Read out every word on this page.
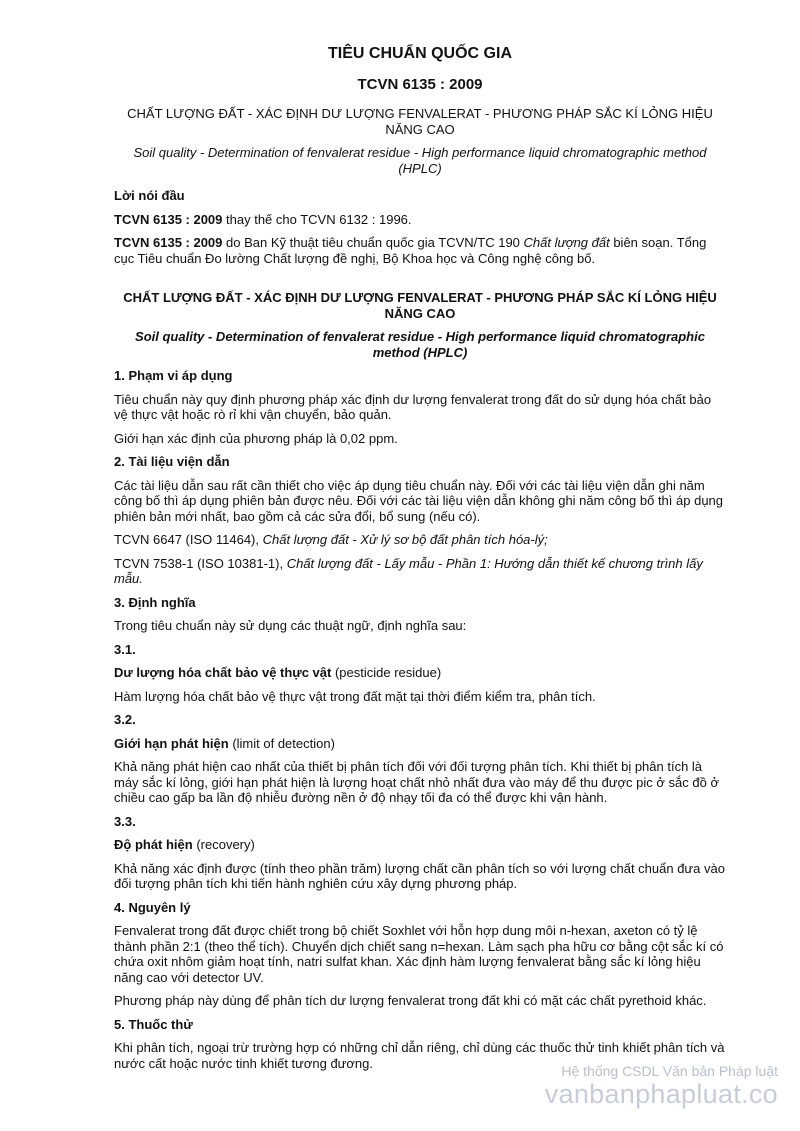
TIÊU CHUẨN QUỐC GIA

TCVN 6135 : 2009

CHẤT LƯỢNG ĐẤT - XÁC ĐỊNH DƯ LƯỢNG FENVALERAT - PHƯƠNG PHÁP SẮC KÍ LỎNG HIỆU NĂNG CAO

Soil quality - Determination of fenvalerat residue - High performance liquid chromatographic method (HPLC)

Lời nói đầu

TCVN 6135 : 2009 thay thế cho TCVN 6132 : 1996.

TCVN 6135 : 2009 do Ban Kỹ thuật tiêu chuẩn quốc gia TCVN/TC 190 Chất lượng đất biên soạn. Tổng cục Tiêu chuẩn Đo lường Chất lượng đề nghị, Bộ Khoa học và Công nghệ công bố.

CHẤT LƯỢNG ĐẤT - XÁC ĐỊNH DƯ LƯỢNG FENVALERAT - PHƯƠNG PHÁP SẮC KÍ LỎNG HIỆU NĂNG CAO

Soil quality - Determination of fenvalerat residue - High performance liquid chromatographic method (HPLC)

1. Phạm vi áp dụng

Tiêu chuẩn này quy định phương pháp xác định dư lượng fenvalerat trong đất do sử dụng hóa chất bảo vệ thực vật hoặc rò rỉ khi vận chuyển, bảo quản.

Giới hạn xác định của phương pháp là 0,02 ppm.

2. Tài liệu viện dẫn

Các tài liệu dẫn sau rất cần thiết cho việc áp dụng tiêu chuẩn này. Đối với các tài liệu viện dẫn ghi năm công bố thì áp dụng phiên bản được nêu. Đối với các tài liệu viện dẫn không ghi năm công bố thì áp dụng phiên bản mới nhất, bao gồm cả các sửa đổi, bổ sung (nếu có).

TCVN 6647 (ISO 11464), Chất lượng đất - Xử lý sơ bộ đất phân tích hóa-lý;

TCVN 7538-1 (ISO 10381-1), Chất lượng đất - Lấy mẫu - Phần 1: Hướng dẫn thiết kế chương trình lấy mẫu.

3. Định nghĩa

Trong tiêu chuẩn này sử dụng các thuật ngữ, định nghĩa sau:

3.1.

Dư lượng hóa chất bảo vệ thực vật (pesticide residue)

Hàm lượng hóa chất bảo vệ thực vật trong đất mặt tại thời điểm kiểm tra, phân tích.

3.2.

Giới hạn phát hiện (limit of detection)

Khả năng phát hiện cao nhất của thiết bị phân tích đối với đối tượng phân tích. Khi thiết bị phân tích là máy sắc kí lỏng, giới hạn phát hiện là lượng hoạt chất nhỏ nhất đưa vào máy để thu được pic ở sắc đồ ở chiều cao gấp ba lần độ nhiễu đường nền ở độ nhạy tối đa có thể được khi vận hành.

3.3.

Độ phát hiện (recovery)

Khả năng xác định được (tính theo phần trăm) lượng chất cần phân tích so với lượng chất chuẩn đưa vào đối tượng phân tích khi tiến hành nghiên cứu xây dựng phương pháp.

4. Nguyên lý

Fenvalerat trong đất được chiết trong bộ chiết Soxhlet với hỗn hợp dung môi n-hexan, axeton có tỷ lệ thành phần 2:1 (theo thể tích). Chuyển dịch chiết sang n=hexan. Làm sạch pha hữu cơ bằng cột sắc kí có chứa oxit nhôm giảm hoạt tính, natri sulfat khan. Xác định hàm lượng fenvalerat bằng sắc kí lỏng hiệu năng cao với detector UV.

Phương pháp này dùng để phân tích dư lượng fenvalerat trong đất khi có mặt các chất pyrethoid khác.

5. Thuốc thử

Khi phân tích, ngoại trừ trường hợp có những chỉ dẫn riêng, chỉ dùng các thuốc thử tinh khiết phân tích và nước cất hoặc nước tinh khiết tương đương.	Hệ thống CSDL Văn bản Pháp luật
vanbanphapluat.co
